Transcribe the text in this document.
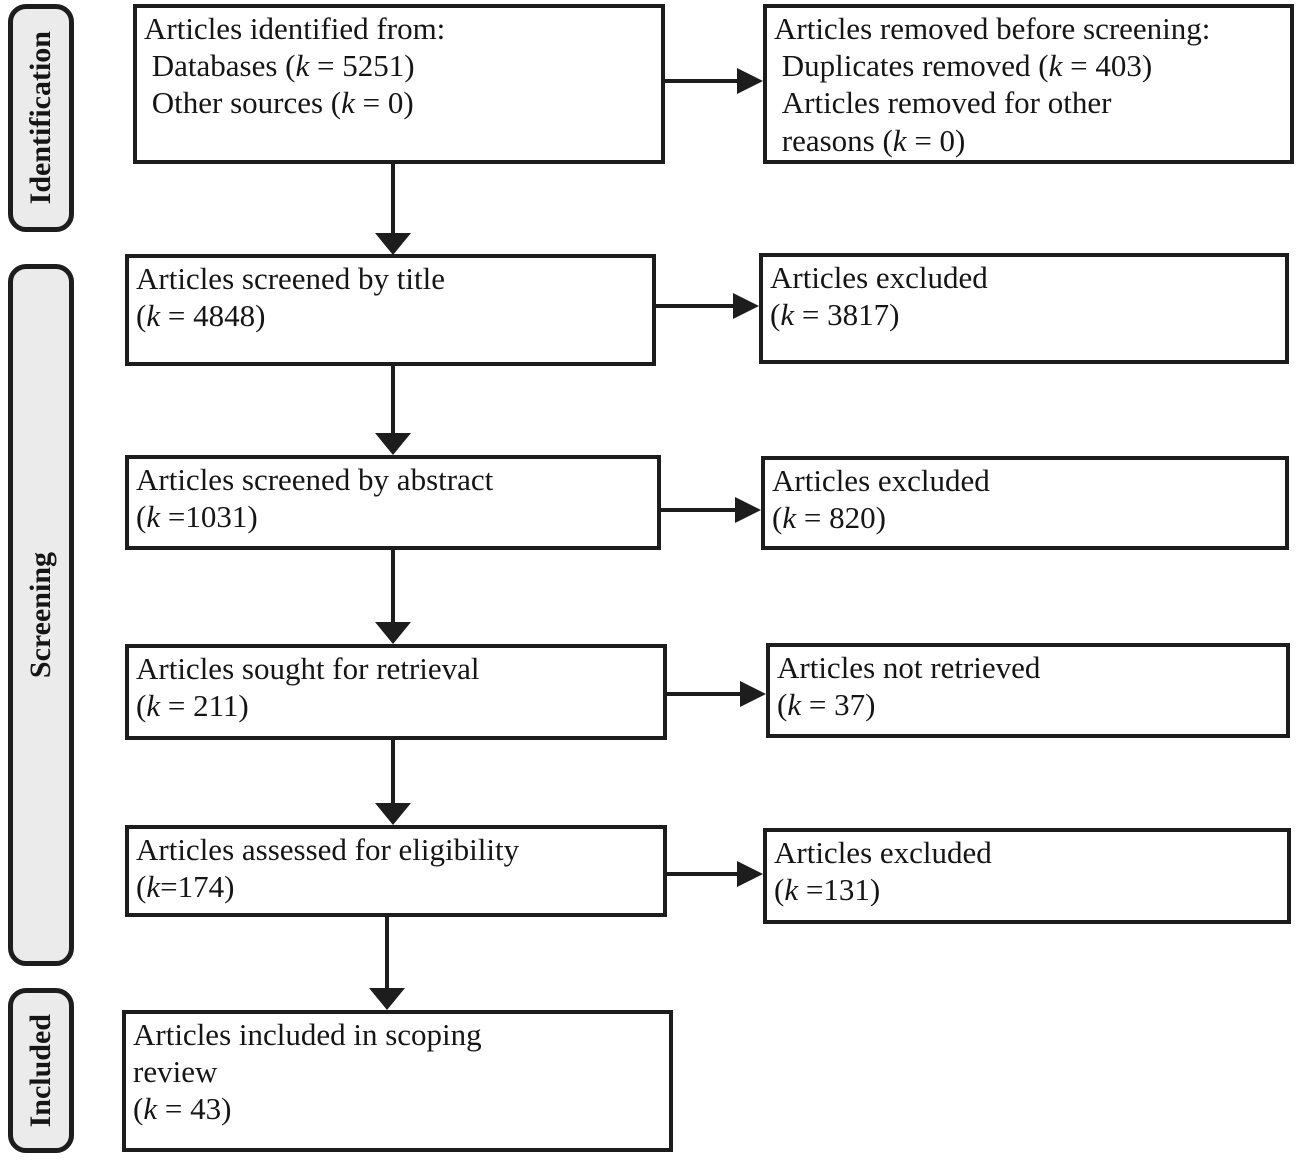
Identification
Screening
Included
Articles identified from:
Databases (k = 5251)
Other sources (k = 0)
Articles removed before screening:
Duplicates removed (k = 403)
Articles removed for other
reasons (k = 0)
Articles screened by title
(k = 4848)
Articles excluded
(k = 3817)
Articles screened by abstract
(k =1031)
Articles excluded
(k = 820)
Articles sought for retrieval
(k = 211)
Articles not retrieved
(k = 37)
Articles assessed for eligibility
(k=174)
Articles excluded
(k =131)
Articles included in scoping
review
(k = 43)
